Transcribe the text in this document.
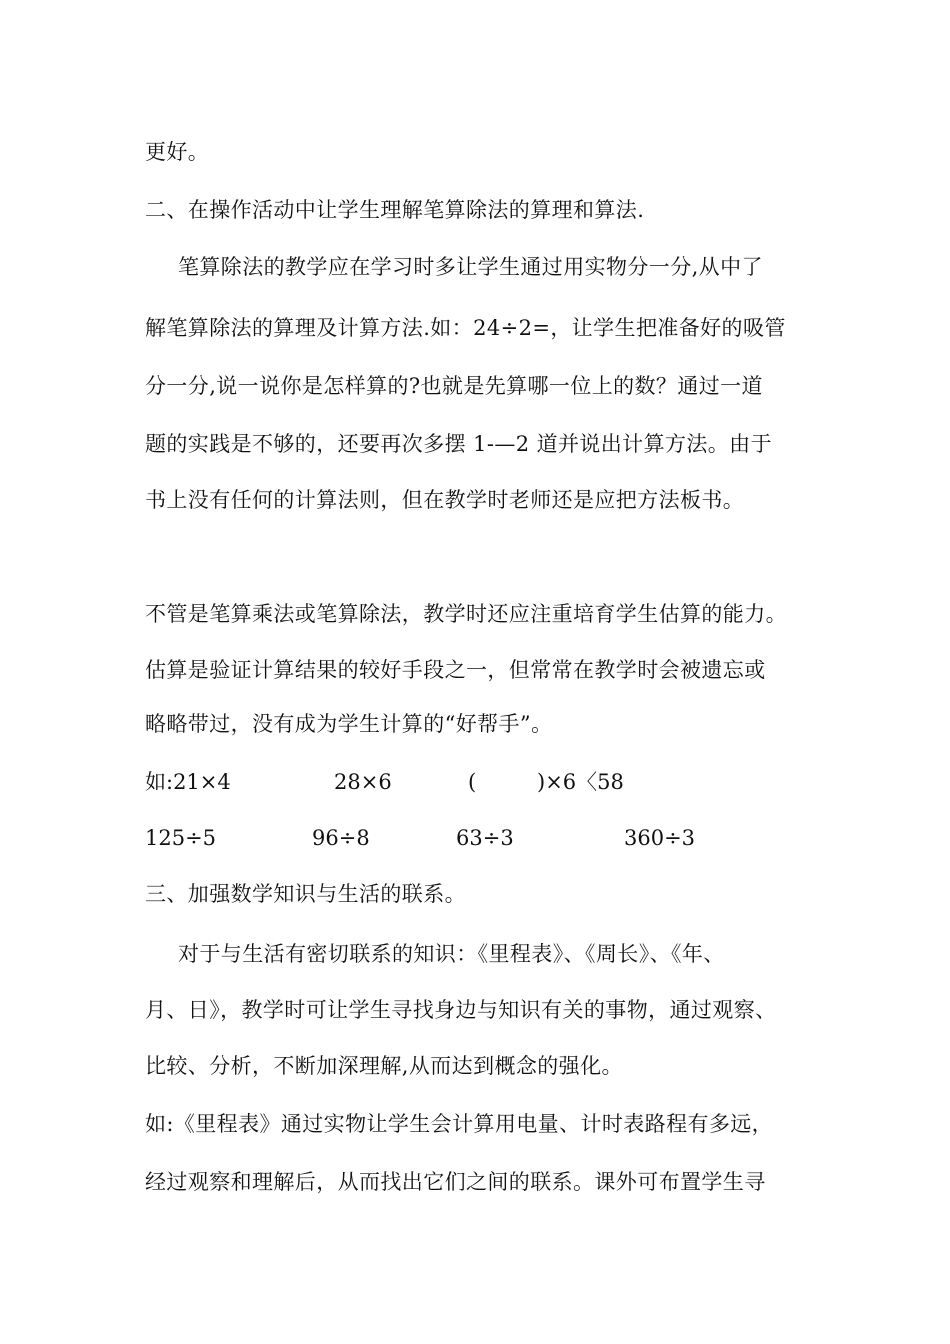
更好。
二、在操作活动中让学生理解笔算除法的算理和算法.
笔算除法的教学应在学习时多让学生通过用实物分一分,从中了
解笔算除法的算理及计算方法.如：24÷2=，让学生把准备好的吸管
分一分,说一说你是怎样算的?也就是先算哪一位上的数？通过一道
题的实践是不够的，还要再次多摆 1-—2 道并说出计算方法。由于
书上没有任何的计算法则，但在教学时老师还是应把方法板书。
不管是笔算乘法或笔算除法，教学时还应注重培育学生估算的能力。
估算是验证计算结果的较好手段之一，但常常在教学时会被遗忘或
略略带过，没有成为学生计算的“好帮手”。
如:21×4	28×6	(	)×6〈58
125÷5	96÷8	63÷3	360÷3
三、加强数学知识与生活的联系。
对于与生活有密切联系的知识：《里程表》、《周长》、《年、
月、日》，教学时可让学生寻找身边与知识有关的事物，通过观察、
比较、分析，不断加深理解,从而达到概念的强化。
如:《里程表》通过实物让学生会计算用电量、计时表路程有多远，
经过观察和理解后，从而找出它们之间的联系。课外可布置学生寻
